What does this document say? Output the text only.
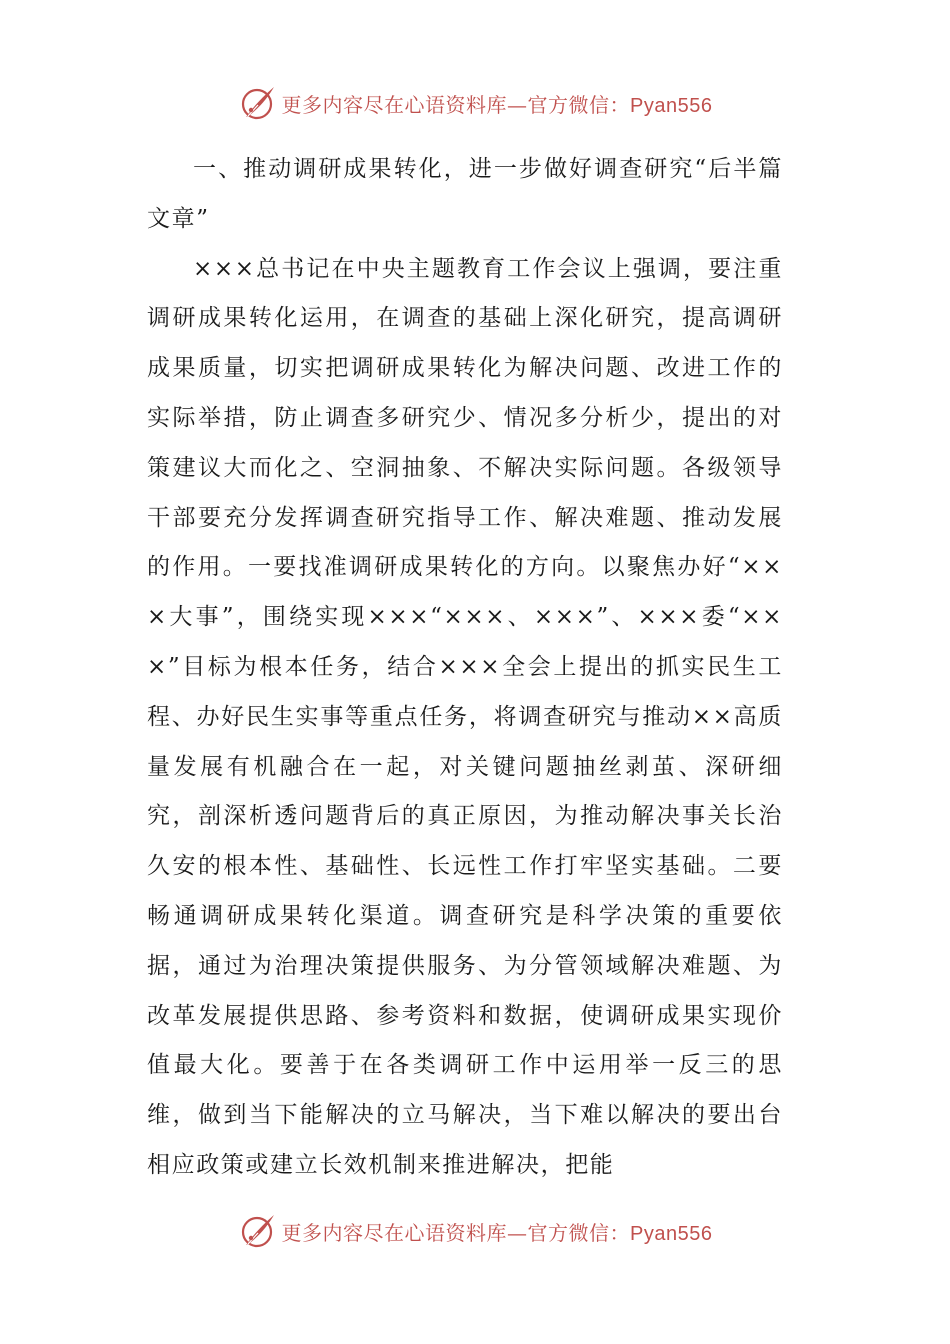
更多内容尽在心语资料库—官方微信：Pyan556

一、推动调研成果转化，进一步做好调查研究“后半篇文章”

×××总书记在中央主题教育工作会议上强调，要注重调研成果转化运用，在调查的基础上深化研究，提高调研成果质量，切实把调研成果转化为解决问题、改进工作的实际举措，防止调查多研究少、情况多分析少，提出的对策建议大而化之、空洞抽象、不解决实际问题。各级领导干部要充分发挥调查研究指导工作、解决难题、推动发展的作用。一要找准调研成果转化的方向。以聚焦办好“×××大事”，围绕实现×××“×××、×××”、×××委“×××”目标为根本任务，结合×××全会上提出的抓实民生工程、办好民生实事等重点任务，将调查研究与推动××高质量发展有机融合在一起，对关键问题抽丝剥茧、深研细究，剖深析透问题背后的真正原因，为推动解决事关长治久安的根本性、基础性、长远性工作打牢坚实基础。二要畅通调研成果转化渠道。调查研究是科学决策的重要依据，通过为治理决策提供服务、为分管领域解决难题、为改革发展提供思路、参考资料和数据，使调研成果实现价值最大化。要善于在各类调研工作中运用举一反三的思维，做到当下能解决的立马解决，当下难以解决的要出台相应政策或建立长效机制来推进解决，把能

更多内容尽在心语资料库—官方微信：Pyan556
